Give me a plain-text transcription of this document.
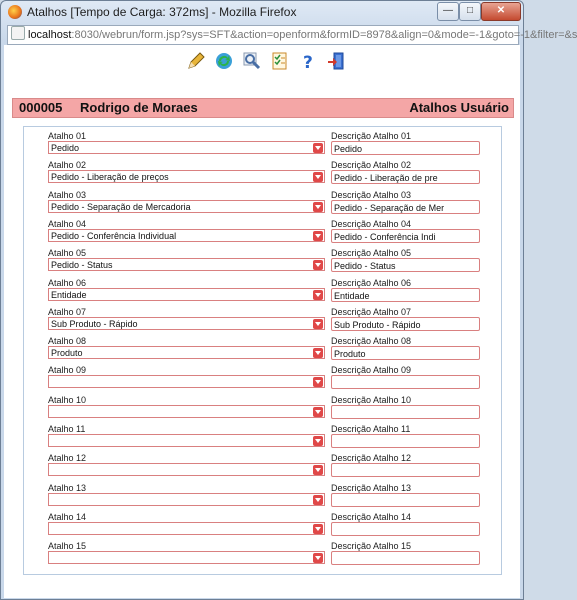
Atalhos [Tempo de Carga: 372ms] - Mozilla Firefox	—	□	✕
localhost:8030/webrun/form.jsp?sys=SFT&action=openform&formID=8978&align=0&mode=-1&goto=-1&filter=&s
?
000005 Rodrigo de Moraes	Atalhos Usuário
Atalho 01
Pedido
Descrição Atalho 01
Pedido
Atalho 02
Pedido - Liberação de preços
Descrição Atalho 02
Pedido - Liberação de pre
Atalho 03
Pedido - Separação de Mercadoria
Descrição Atalho 03
Pedido - Separação de Mer
Atalho 04
Pedido - Conferência Individual
Descrição Atalho 04
Pedido - Conferência Indi
Atalho 05
Pedido - Status
Descrição Atalho 05
Pedido - Status
Atalho 06
Entidade
Descrição Atalho 06
Entidade
Atalho 07
Sub Produto - Rápido
Descrição Atalho 07
Sub Produto - Rápido
Atalho 08
Produto
Descrição Atalho 08
Produto
Atalho 09	Descrição Atalho 09
Atalho 10	Descrição Atalho 10
Atalho 11	Descrição Atalho 11
Atalho 12	Descrição Atalho 12
Atalho 13	Descrição Atalho 13
Atalho 14	Descrição Atalho 14
Atalho 15	Descrição Atalho 15
